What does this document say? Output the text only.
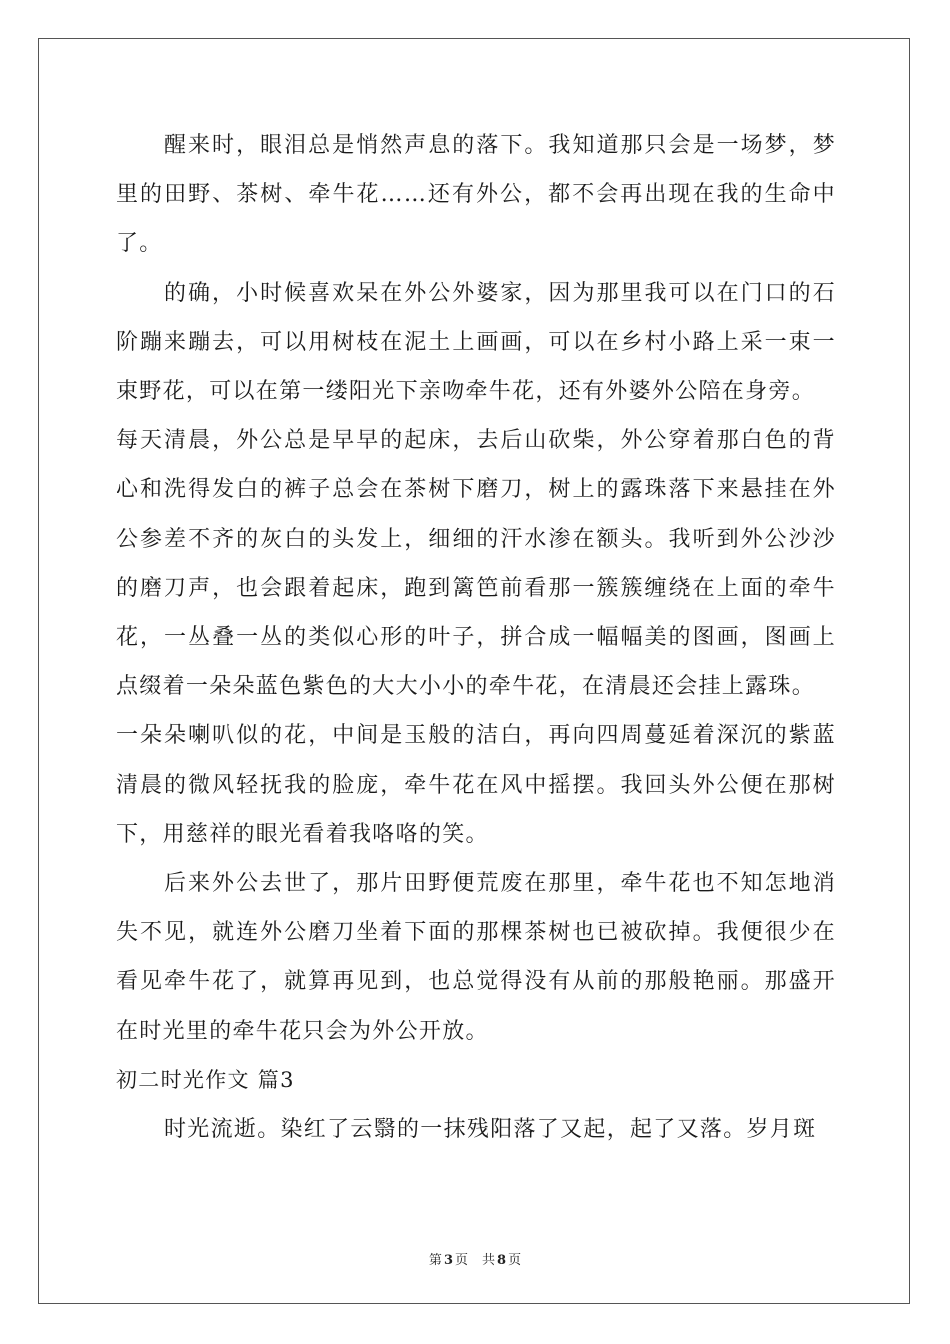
醒来时，眼泪总是悄然声息的落下。我知道那只会是一场梦，梦里的田野、茶树、牵牛花……还有外公，都不会再出现在我的生命中了。

的确，小时候喜欢呆在外公外婆家，因为那里我可以在门口的石阶蹦来蹦去，可以用树枝在泥土上画画，可以在乡村小路上采一束一束野花，可以在第一缕阳光下亲吻牵牛花，还有外婆外公陪在身旁。

每天清晨，外公总是早早的起床，去后山砍柴，外公穿着那白色的背心和洗得发白的裤子总会在茶树下磨刀，树上的露珠落下来悬挂在外公参差不齐的灰白的头发上，细细的汗水渗在额头。我听到外公沙沙的磨刀声，也会跟着起床，跑到篱笆前看那一簇簇缠绕在上面的牵牛花，一丛叠一丛的类似心形的叶子，拼合成一幅幅美的图画，图画上点缀着一朵朵蓝色紫色的大大小小的牵牛花，在清晨还会挂上露珠。

一朵朵喇叭似的花，中间是玉般的洁白，再向四周蔓延着深沉的紫蓝清晨的微风轻抚我的脸庞，牵牛花在风中摇摆。我回头外公便在那树下，用慈祥的眼光看着我咯咯的笑。

后来外公去世了，那片田野便荒废在那里，牵牛花也不知怎地消失不见，就连外公磨刀坐着下面的那棵茶树也已被砍掉。我便很少在看见牵牛花了，就算再见到，也总觉得没有从前的那般艳丽。那盛开在时光里的牵牛花只会为外公开放。

初二时光作文 篇3

时光流逝。染红了云翳的一抹残阳落了又起，起了又落。岁月斑

第 3 页 共 8 页
